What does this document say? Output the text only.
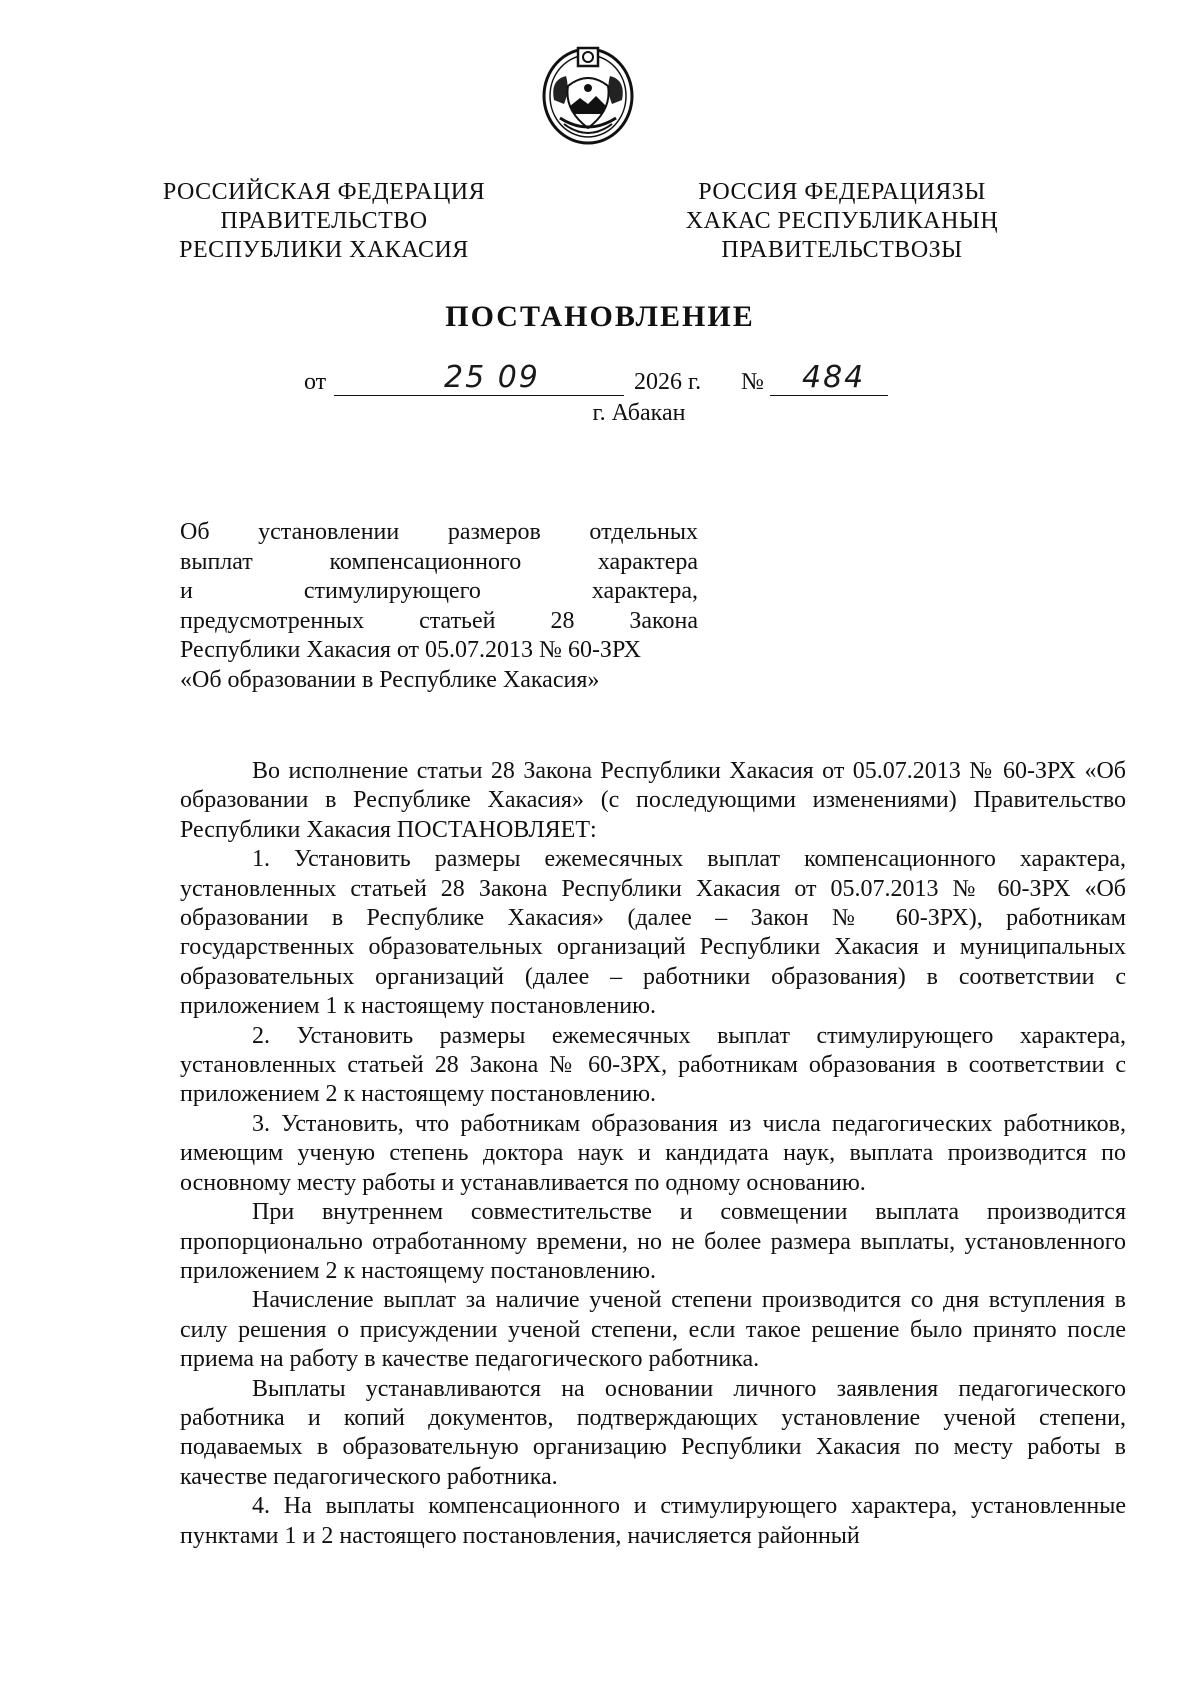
РОССИЙСКАЯ ФЕДЕРАЦИЯ
ПРАВИТЕЛЬСТВО
РЕСПУБЛИКИ ХАКАСИЯ
РОССИЯ ФЕДЕРАЦИЯЗЫ
ХАКАС РЕСПУБЛИКАНЫҢ
ПРАВИТЕЛЬСТВОЗЫ
ПОСТАНОВЛЕНИЕ
от	25 09	2026 г. № 484
г. Абакан
Об установлении размеров отдельных
выплат компенсационного характера
и стимулирующего характера,
предусмотренных статьей 28 Закона
Республики Хакасия от 05.07.2013 № 60-ЗРХ
«Об образовании в Республике Хакасия»

Во исполнение статьи 28 Закона Республики Хакасия от 05.07.2013 № 60-ЗРХ «Об образовании в Республике Хакасия» (с последующими изменениями) Правительство Республики Хакасия ПОСТАНОВЛЯЕТ:

1. Установить размеры ежемесячных выплат компенсационного характера, установленных статьей 28 Закона Республики Хакасия от 05.07.2013 № 60-ЗРХ «Об образовании в Республике Хакасия» (далее – Закон № 60-ЗРХ), работникам государственных образовательных организаций Республики Хакасия и муниципальных образовательных организаций (далее – работники образования) в соответствии с приложением 1 к настоящему постановлению.

2. Установить размеры ежемесячных выплат стимулирующего характера, установленных статьей 28 Закона № 60-ЗРХ, работникам образования в соответствии с приложением 2 к настоящему постановлению.

3. Установить, что работникам образования из числа педагогических работников, имеющим ученую степень доктора наук и кандидата наук, выплата производится по основному месту работы и устанавливается по одному основанию.

При внутреннем совместительстве и совмещении выплата производится пропорционально отработанному времени, но не более размера выплаты, установленного приложением 2 к настоящему постановлению.

Начисление выплат за наличие ученой степени производится со дня вступления в силу решения о присуждении ученой степени, если такое решение было принято после приема на работу в качестве педагогического работника.

Выплаты устанавливаются на основании личного заявления педагогического работника и копий документов, подтверждающих установление ученой степени, подаваемых в образовательную организацию Республики Хакасия по месту работы в качестве педагогического работника.

4. На выплаты компенсационного и стимулирующего характера, установленные пунктами 1 и 2 настоящего постановления, начисляется районный
